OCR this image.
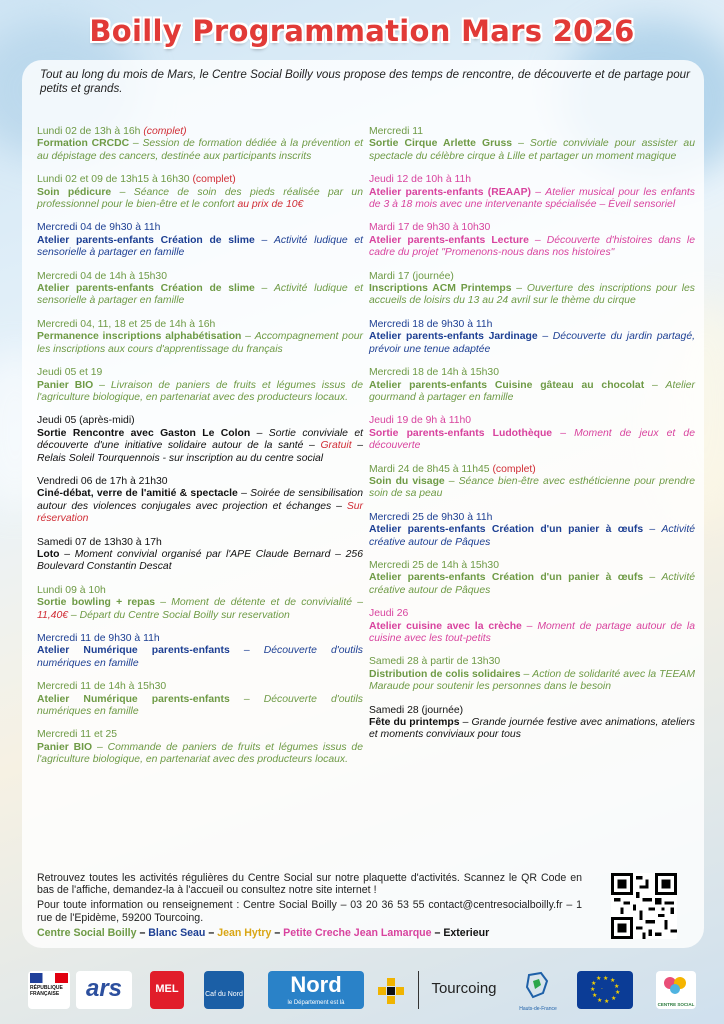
Boilly Programmation Mars 2026
Tout au long du mois de Mars, le Centre Social Boilly vous propose des temps de rencontre, de découverte et de partage pour petits et grands.
Lundi 02 de 13h à 16h (complet)
Formation CRCDC – Session de formation dédiée à la prévention et au dépistage des cancers, destinée aux participants inscrits
Lundi 02 et 09 de 13h15 à 16h30 (complet)
Soin pédicure – Séance de soin des pieds réalisée par un professionnel pour le bien-être et le confort au prix de 10€
Mercredi 04 de 9h30 à 11h
Atelier parents-enfants Création de slime – Activité ludique et sensorielle à partager en famille
Mercredi 04 de 14h à 15h30
Atelier parents-enfants Création de slime – Activité ludique et sensorielle à partager en famille
Mercredi 04, 11, 18 et 25 de 14h à 16h
Permanence inscriptions alphabétisation – Accompagnement pour les inscriptions aux cours d'apprentissage du français
Jeudi 05 et 19
Panier BIO – Livraison de paniers de fruits et légumes issus de l'agriculture biologique, en partenariat avec des producteurs locaux.
Jeudi 05 (après-midi)
Sortie Rencontre avec Gaston Le Colon – Sortie conviviale et découverte d'une initiative solidaire autour de la santé – Gratuit – Relais Soleil Tourquennois - sur inscription au du centre social
Vendredi 06 de 17h à 21h30
Ciné-débat, verre de l'amitié & spectacle – Soirée de sensibilisation autour des violences conjugales avec projection et échanges – Sur réservation
Samedi 07 de 13h30 à 17h
Loto – Moment convivial organisé par l'APE Claude Bernard – 256 Boulevard Constantin Descat
Lundi 09 à 10h
Sortie bowling + repas – Moment de détente et de convivialité – 11,40€ – Départ du Centre Social Boilly sur reservation
Mercredi 11 de 9h30 à 11h
Atelier Numérique parents-enfants – Découverte d'outils numériques en famille
Mercredi 11 de 14h à 15h30
Atelier Numérique parents-enfants – Découverte d'outils numériques en famille
Mercredi 11 et 25
Panier BIO – Commande de paniers de fruits et légumes issus de l'agriculture biologique, en partenariat avec des producteurs locaux.
Mercredi 11
Sortie Cirque Arlette Gruss – Sortie conviviale pour assister au spectacle du célèbre cirque à Lille et partager un moment magique
Jeudi 12 de 10h à 11h
Atelier parents-enfants (REAAP) – Atelier musical pour les enfants de 3 à 18 mois avec une intervenante spécialisée – Éveil sensoriel
Mardi 17 de 9h30 à 10h30
Atelier parents-enfants Lecture – Découverte d'histoires dans le cadre du projet "Promenons-nous dans nos histoires"
Mardi 17 (journée)
Inscriptions ACM Printemps – Ouverture des inscriptions pour les accueils de loisirs du 13 au 24 avril sur le thème du cirque
Mercredi 18 de 9h30 à 11h
Atelier parents-enfants Jardinage – Découverte du jardin partagé, prévoir une tenue adaptée
Mercredi 18 de 14h à 15h30
Atelier parents-enfants Cuisine gâteau au chocolat – Atelier gourmand à partager en famille
Jeudi 19 de 9h à 11h0
Sortie parents-enfants Ludothèque – Moment de jeux et de découverte
Mardi 24 de 8h45 à 11h45 (complet)
Soin du visage – Séance bien-être avec esthéticienne pour prendre soin de sa peau
Mercredi 25 de 9h30 à 11h
Atelier parents-enfants Création d'un panier à œufs – Activité créative autour de Pâques
Mercredi 25 de 14h à 15h30
Atelier parents-enfants Création d'un panier à œufs – Activité créative autour de Pâques
Jeudi 26
Atelier cuisine avec la crèche – Moment de partage autour de la cuisine avec les tout-petits
Samedi 28 à partir de 13h30
Distribution de colis solidaires – Action de solidarité avec la TEEAM Maraude pour soutenir les personnes dans le besoin
Samedi 28 (journée)
Fête du printemps – Grande journée festive avec animations, ateliers et moments conviviaux pour tous

Retrouvez toutes les activités régulières du Centre Social sur notre plaquette d'activités. Scannez le QR Code en bas de l'affiche, demandez-la à l'accueil ou consultez notre site internet !

Pour toute information ou renseignement : Centre Social Boilly – 03 20 36 53 55 contact@centresocialboilly.fr – 1 rue de l'Epidème, 59200 Tourcoing.

Centre Social Boilly – Blanc Seau – Jean Hytry – Petite Creche Jean Lamarque – Exterieur
RÉPUBLIQUE FRANÇAISE	ars	MEL	Caf du Nord	Nord
le Département est là
Tourcoing
Hauts-de-France
★ ★
★
★
★
★
★
★
★
★
★
·
CENTRE SOCIAL
